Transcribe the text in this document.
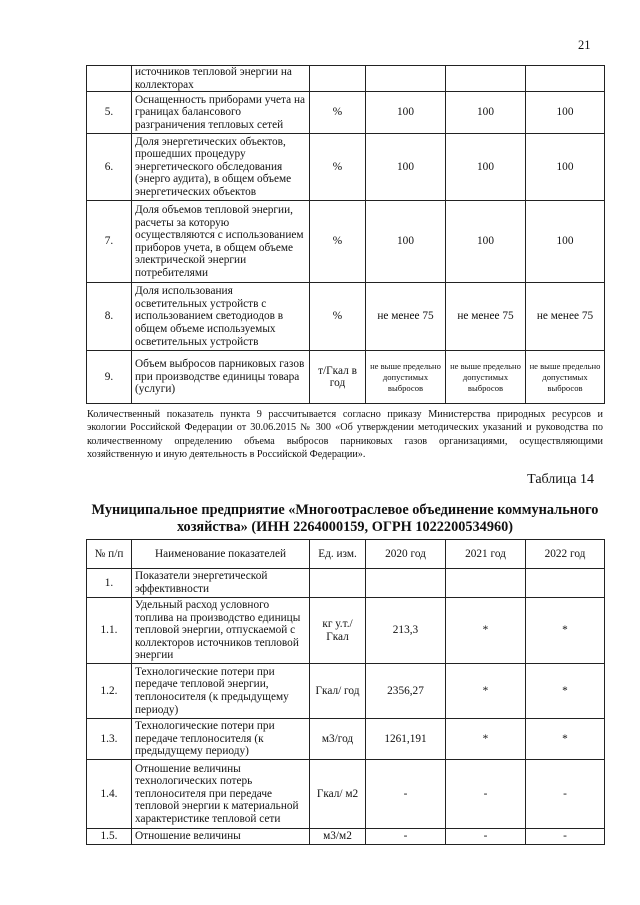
21
	источников тепловой энергии на коллекторах				
5.	Оснащенность приборами учета на границах балансового разграничения тепловых сетей	%	100	100	100
6.	Доля энергетических объектов, прошедших процедуру энергетического обследования (энерго аудита), в общем объеме энергетических объектов	%	100	100	100
7.	Доля объемов тепловой энергии, расчеты за которую осуществляются с использованием приборов учета, в общем объеме электрической энергии потребителями	%	100	100	100
8.	Доля использования осветительных устройств с использованием светодиодов в общем объеме используемых осветительных устройств	%	не менее 75	не менее 75	не менее 75
9.	Объем выбросов парниковых газов при производстве единицы товара (услуги)	т/Гкал в год	не выше предельно допустимых выбросов	не выше предельно допустимых выбросов	не выше предельно допустимых выбросов
Количественный показатель пункта 9 рассчитывается согласно приказу Министерства природных ресурсов и экологии Российской Федерации от 30.06.2015 № 300 «Об утверждении методических указаний и руководства по количественному определению объема выбросов парниковых газов организациями, осуществляющими хозяйственную и иную деятельность в Российской Федерации».
Таблица 14
Муниципальное предприятие «Многоотраслевое объединение коммунального хозяйства» (ИНН 2264000159, ОГРН 1022200534960)
№ п/п	Наименование показателей	Ед. изм.	2020 год	2021 год	2022 год
1.	Показатели энергетической эффективности				
1.1.	Удельный расход условного топлива на производство единицы тепловой энергии, отпускаемой с коллекторов источников тепловой энергии	кг у.т./ Гкал	213,3	*	*
1.2.	Технологические потери при передаче тепловой энергии, теплоносителя (к предыдущему периоду)	Гкал/ год	2356,27	*	*
1.3.	Технологические потери при передаче теплоносителя (к предыдущему периоду)	м3/год	1261,191	*	*
1.4.	Отношение величины технологических потерь теплоносителя при передаче тепловой энергии к материальной характеристике тепловой сети	Гкал/ м2	-	-	-
1.5.	Отношение величины	м3/м2	-	-	-
